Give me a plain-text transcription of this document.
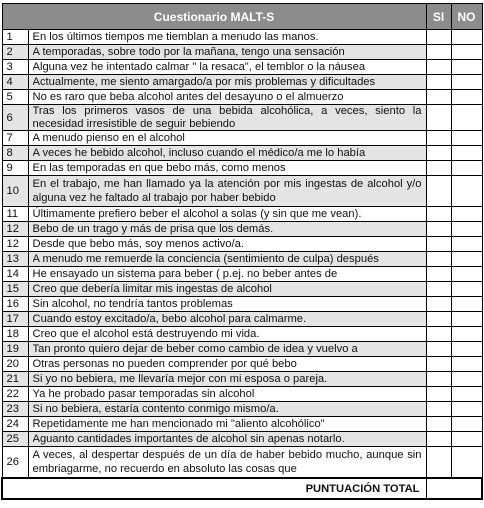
Cuestionario MALT-S		SI	NO
1	En los últimos tiempos me tiemblan a menudo las manos.		

2	A temporadas, sobre todo por la mañana, tengo una sensación		

3	Alguna vez he intentado calmar " la resaca", el temblor o la náusea		

4	Actualmente, me siento amargado/a por mis problemas y dificultades		

5	No es raro que beba alcohol antes del desayuno o el almuerzo		

6	Tras los primeros vasos de una bebida alcohólica, a veces, siento la necesidad irresistible de seguir bebiendo		

7	A menudo pienso en el alcohol		

8	A veces he bebido alcohol, incluso cuando el médico/a me lo había		

9	En las temporadas en que bebo más, como menos		

10	En el trabajo, me han llamado ya la atención por mis ingestas de alcohol y/o alguna vez he faltado al trabajo por haber bebido		

11	Últimamente prefiero beber el alcohol a solas (y sin que me vean).		

12	Bebo de un trago y más de prisa que los demás.		

12	Desde que bebo más, soy menos activo/a.		

13	A menudo me remuerde la conciencia (sentimiento de culpa) después		

14	He ensayado un sistema para beber ( p.ej. no beber antes de		

15	Creo que debería limitar mis ingestas de alcohol		

16	Sin alcohol, no tendría tantos problemas		

17	Cuando estoy excitado/a, bebo alcohol para calmarme.		

18	Creo que el alcohol está destruyendo mi vida.		

19	Tan pronto quiero dejar de beber como cambio de idea y vuelvo a		

20	Otras personas no pueden comprender por qué bebo		

21	Si yo no bebiera, me llevaría mejor con mi esposa o pareja.		

22	Ya he probado pasar temporadas sin alcohol		

23	Si no bebiera, estaría contento conmigo mismo/a.		

24	Repetidamente me han mencionado mi "aliento alcohólico"		

25	Aguanto cantidades importantes de alcohol sin apenas notarlo.		

26	A veces, al despertar después de un día de haber bebido mucho, aunque sin embriagarme, no recuerdo en absoluto las cosas que		

PUNTUACIÓN TOTAL			
